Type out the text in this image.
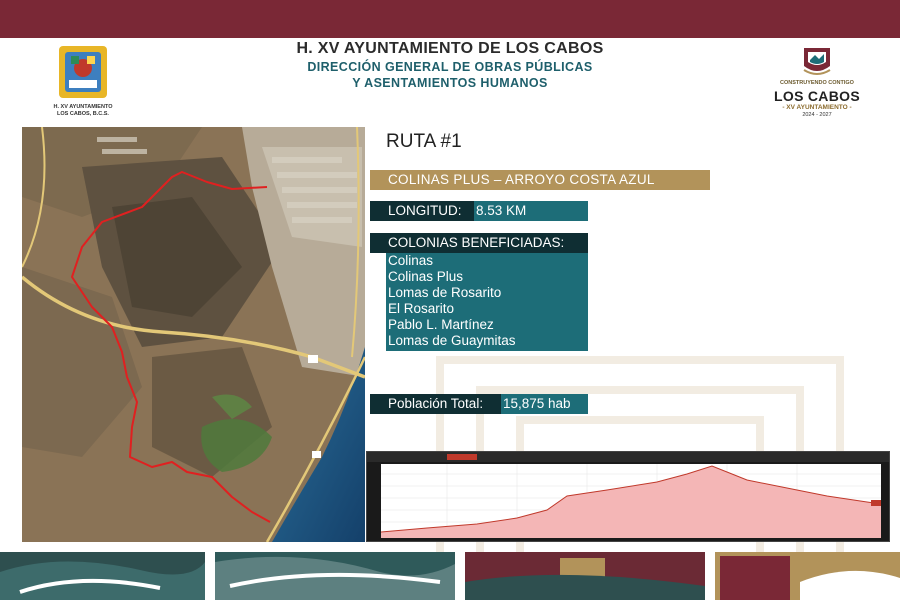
H. XV AYUNTAMIENTO
LOS CABOS, B.C.S.
H. XV AYUNTAMIENTO DE LOS CABOS
DIRECCIÓN GENERAL DE OBRAS PÚBLICAS
Y ASENTAMIENTOS HUMANOS	CONSTRUYENDO CONTIGO
LOS CABOS
- XV AYUNTAMIENTO -
2024 - 2027
RUTA #1
COLINAS PLUS – ARROYO COSTA AZUL
LONGITUD: 8.53 KM
COLONIAS BENEFICIADAS:
Colinas
Colinas Plus
Lomas de Rosarito
El Rosarito
Pablo L. Martínez
Lomas de Guaymitas
Población Total: 15,875 hab
